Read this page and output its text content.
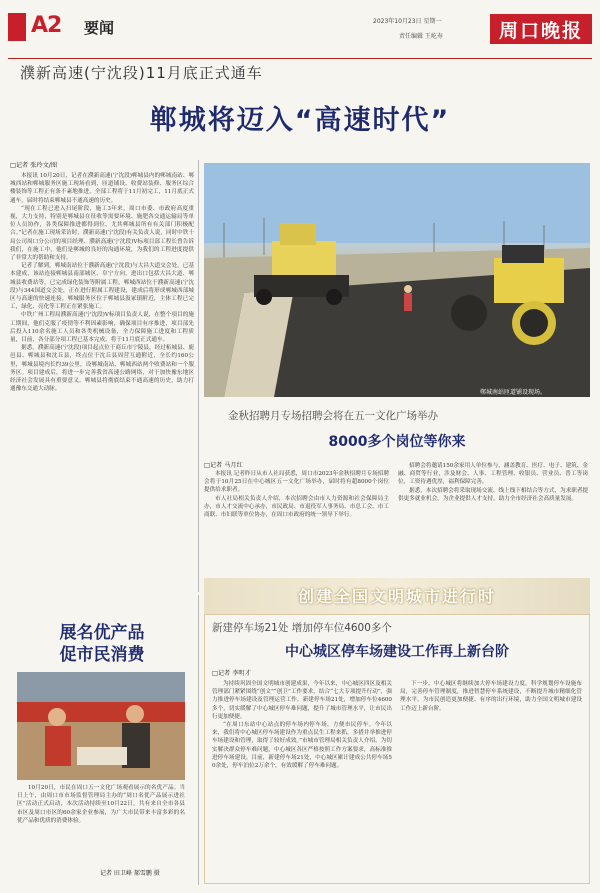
A2 要闻	2023年10月23日 星期一
责任编辑 王屹寿	周口晚报
濮新高速(宁沈段)11月底正式通车
郸城将迈入“高速时代”
□记者 张玲文/图

本报讯 10月20日，记者在濮新高速(宁沈段)郸城县内的郸城南站、郸城西站和郸城服务区施工现场看到，匝道铺设、收费站装修、服务区综合楼装饰等工程正有条不紊地推进，全部工程将于11月初完工，11月底正式通车，届时将结束郸城县不通高速的历史。

“现在工程已进入扫尾阶段，施工3年来，周口市委、市政府高度重视，大力支持，特别是郸城县在征收等需要环境、施肥各交通运输局等单位人员协作，各类保障推进都得到位，尤其郸城县所有有关部门积极配合。”记者在施工现场采访时，濮新高速(宁沈段)有关负责人说，同时中铁十局公司周口分公司的项目经理、濮新高速(宁沈段)V标项目部工程长曾告诉我们，在施工中，他们是郸城的良好的沟通环境，为我们的工程进度提供了非常大的帮助和支持。

记者了解到，郸城南站位于濮新高速(宁沈段)与大昌大道交会处，已基本建成，该站连接郸城县南部城区、阜宁方向，进出口包括大昌大道、郸城县收费站等，已完成绿化装饰等附属工程。郸城西站位于濮新高速(宁沈段)与344国道交会处，正在进行附属工程建设，建成后将形成郸城西部城区与高速的快速连接。郸城服务区位于郸城县汲冢镇附近，主体工程已完工，绿化、亮化等工程正在紧张施工。

中铁广州工程局濮新高速(宁沈段)V标项目负责人说，在整个项目的施工期间，他们克服了疫情等不利因素影响，确保项目有序推进，项目部先后投入110余名施工人员和各类机械设备，全力保障施工进度和工程质量，目前，各分部分项工程已基本完成，将于11月底正式通车。

据悉，濮新高速(宁沈段)项目起点位于商丘市宁陵县，经过柘城县、鹿邑县、郸城县和沈丘县，终点位于沈丘县周营互通附近，全长约160公里，郸城县境内长约39公里，设郸城南站、郸城西站两个收费站和一个服务区。项目建成后，将进一步完善我省高速公路网络，对于加快豫东地区经济社会发展具有重要意义。郸城县将彻底结束不通高速的历史，助力打通豫东交通大动脉。	郸城南站匝道铺设现场。
金秋招聘月专场招聘会将在五一文化广场举办
8000多个岗位等你来
□记者 马月红

本报讯 记者昨日从市人社局获悉，周口市2023年金秋招聘月专场招聘会将于10月25日在中心城区五一文化广场举办，届时将有超8000个岗位提供给求职者。

市人社局相关负责人介绍，本次招聘会由市人力资源和社会保障局主办，市人才交流中心承办，市民政局、市退役军人事务局、市总工会、市工商联、市妇联等单位协办，在周口市政府的统一领导下举行。

招聘会将邀请150余家用人单位参与，涵盖教育、医疗、电子、建筑、金融、商贸等行业，涉及财会、人事、工程管理、收银员、营业员、普工等岗位，工资待遇优厚，福利保障完善。

据悉，本次招聘会将采取现场交流、线上线下相结合等方式，为求职者提供更多就业机会，为企业提供人才支持，助力全市经济社会高质量发展。

创建全国文明城市进行时
新建停车场21处 增加停车位4600多个
中心城区停车场建设工作再上新台阶
□记者 李明才

为持续巩固全国文明城市创建成果，今年以来，中心城区四区及相关管理部门紧紧围绕“创文”“创卫”工作要求，结合“七大专项提升行动”，强力推进停车场建设及管理运营工作。新建停车场21处，增加停车位4600多个，切实缓解了中心城区停车难问题，提升了城市管理水平，让市民出行更加便捷。

“在周口东站中心站点的停车场内停车场，方便市民停车。今年以来，我们将中心城区停车场建设作为重点民生工程来抓，多措并举推进停车场建设和管理，取得了较好成效。”市城市管理局相关负责人介绍，为切实解决群众停车难问题，中心城区各区严格按照工作方案要求，高标准推进停车场建设。目前，新建停车场21处，中心城区累计建成公共停车场50余处，停车泊位2万余个，有效缓解了停车难问题。

下一步，中心城区将继续加大停车场建设力度，科学规划停车设施布局，完善停车管理制度，推进智慧停车系统建设，不断提升城市精细化管理水平，为市民创造更加便捷、有序的出行环境，助力全国文明城市建设工作迈上新台阶。

展名优产品
促市民消费

10月20日，市民在周口五一文化广场观看展示的名优产品。当日上午，由周口市市场监督管理局主办的“周口名优产品展示进社区”活动正式启动，本次活动持续至10月22日，共有来自全市各县市区及周口市区的60余家企业参展，为广大市民带来丰富多彩的名优产品和优质的消费体验。

记者 田卫峰 郝雪鹏 摄
